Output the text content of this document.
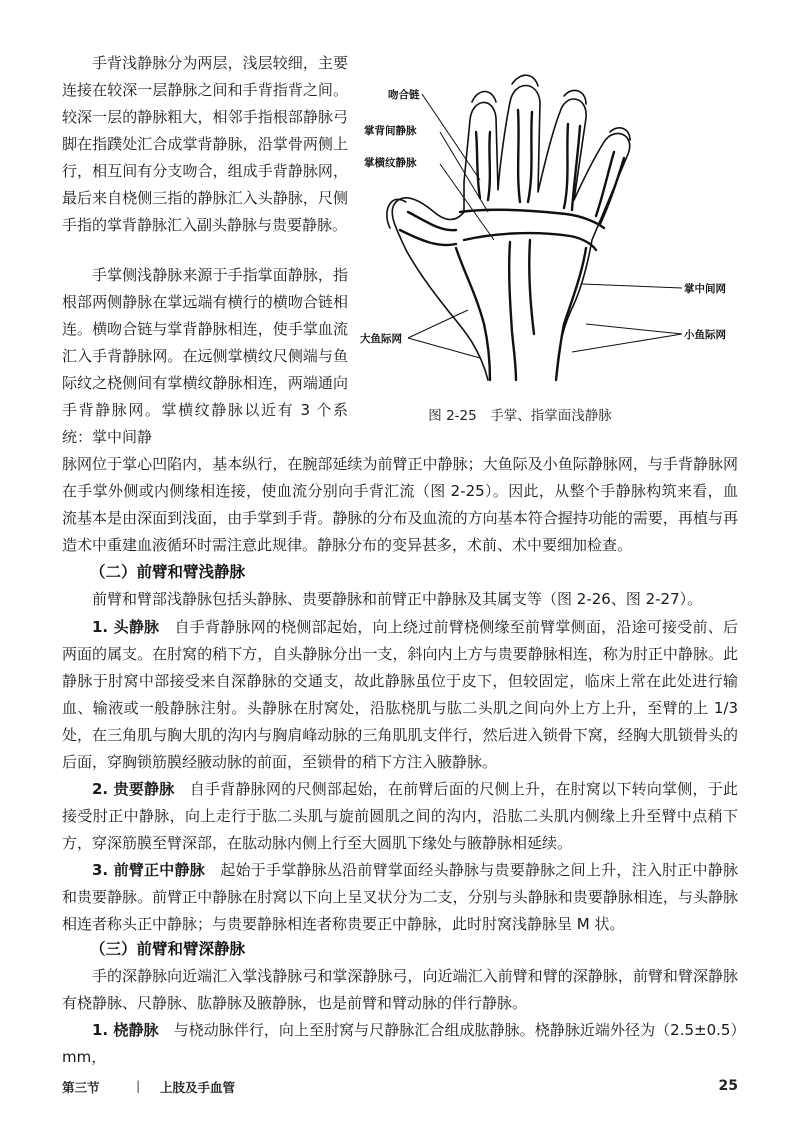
手背浅静脉分为两层，浅层较细，主要连接在较深一层静脉之间和手背指背之间。较深一层的静脉粗大，相邻手指根部静脉弓脚在指蹼处汇合成掌背静脉，沿掌骨两侧上行，相互间有分支吻合，组成手背静脉网，最后来自桡侧三指的静脉汇入头静脉，尺侧手指的掌背静脉汇入副头静脉与贵要静脉。

手掌侧浅静脉来源于手指掌面静脉，指根部两侧静脉在掌远端有横行的横吻合链相连。横吻合链与掌背静脉相连，使手掌血流汇入手背静脉网。在远侧掌横纹尺侧端与鱼际纹之桡侧间有掌横纹静脉相连，两端通向手背静脉网。掌横纹静脉以近有 3 个系统：掌中间静

吻合链
掌背间静脉
掌横纹静脉
掌中间网
小鱼际网
大鱼际网
图 2-25　手掌、指掌面浅静脉

脉网位于掌心凹陷内，基本纵行，在腕部延续为前臂正中静脉；大鱼际及小鱼际静脉网，与手背静脉网在手掌外侧或内侧缘相连接，使血流分别向手背汇流（图 2-25）。因此，从整个手静脉构筑来看，血流基本是由深面到浅面，由手掌到手背。静脉的分布及血流的方向基本符合握持功能的需要，再植与再造术中重建血液循环时需注意此规律。静脉分布的变异甚多，术前、术中要细加检查。

（二）前臂和臂浅静脉

前臂和臂部浅静脉包括头静脉、贵要静脉和前臂正中静脉及其属支等（图 2-26、图 2-27）。

1. 头静脉　自手背静脉网的桡侧部起始，向上绕过前臂桡侧缘至前臂掌侧面，沿途可接受前、后两面的属支。在肘窝的稍下方，自头静脉分出一支，斜向内上方与贵要静脉相连，称为肘正中静脉。此静脉于肘窝中部接受来自深静脉的交通支，故此静脉虽位于皮下，但较固定，临床上常在此处进行输血、输液或一般静脉注射。头静脉在肘窝处，沿肱桡肌与肱二头肌之间向外上方上升，至臂的上 1/3 处，在三角肌与胸大肌的沟内与胸肩峰动脉的三角肌肌支伴行，然后进入锁骨下窝，经胸大肌锁骨头的后面，穿胸锁筋膜经腋动脉的前面，至锁骨的稍下方注入腋静脉。

2. 贵要静脉　自手背静脉网的尺侧部起始，在前臂后面的尺侧上升，在肘窝以下转向掌侧，于此接受肘正中静脉，向上走行于肱二头肌与旋前圆肌之间的沟内，沿肱二头肌内侧缘上升至臂中点稍下方，穿深筋膜至臂深部，在肱动脉内侧上行至大圆肌下缘处与腋静脉相延续。

3. 前臂正中静脉　起始于手掌静脉丛沿前臂掌面经头静脉与贵要静脉之间上升，注入肘正中静脉和贵要静脉。前臂正中静脉在肘窝以下向上呈叉状分为二支，分别与头静脉和贵要静脉相连，与头静脉相连者称头正中静脉；与贵要静脉相连者称贵要正中静脉，此时肘窝浅静脉呈 M 状。

（三）前臂和臂深静脉

手的深静脉向近端汇入掌浅静脉弓和掌深静脉弓，向近端汇入前臂和臂的深静脉，前臂和臂深静脉有桡静脉、尺静脉、肱静脉及腋静脉，也是前臂和臂动脉的伴行静脉。

1. 桡静脉　与桡动脉伴行，向上至肘窝与尺静脉汇合组成肱静脉。桡静脉近端外径为（2.5±0.5）mm，

第三节	| 上肢及手血管	25
